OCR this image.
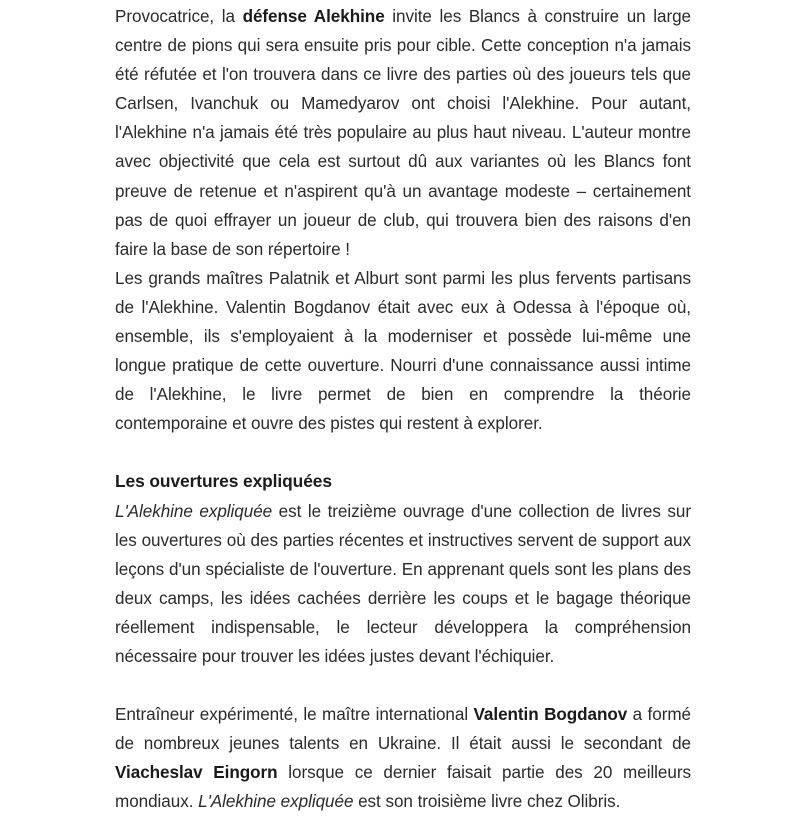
Provocatrice, la défense Alekhine invite les Blancs à construire un large centre de pions qui sera ensuite pris pour cible. Cette conception n'a jamais été réfutée et l'on trouvera dans ce livre des parties où des joueurs tels que Carlsen, Ivanchuk ou Mamedyarov ont choisi l'Alekhine. Pour autant, l'Alekhine n'a jamais été très populaire au plus haut niveau. L'auteur montre avec objectivité que cela est surtout dû aux variantes où les Blancs font preuve de retenue et n'aspirent qu'à un avantage modeste – certainement pas de quoi effrayer un joueur de club, qui trouvera bien des raisons d'en faire la base de son répertoire !

Les grands maîtres Palatnik et Alburt sont parmi les plus fervents partisans de l'Alekhine. Valentin Bogdanov était avec eux à Odessa à l'époque où, ensemble, ils s'employaient à la moderniser et possède lui-même une longue pratique de cette ouverture. Nourri d'une connaissance aussi intime de l'Alekhine, le livre permet de bien en comprendre la théorie contemporaine et ouvre des pistes qui restent à explorer.

Les ouvertures expliquées

L'Alekhine expliquée est le treizième ouvrage d'une collection de livres sur les ouvertures où des parties récentes et instructives servent de support aux leçons d'un spécialiste de l'ouverture. En apprenant quels sont les plans des deux camps, les idées cachées derrière les coups et le bagage théorique réellement indispensable, le lecteur développera la compréhension nécessaire pour trouver les idées justes devant l'échiquier.

Entraîneur expérimenté, le maître international Valentin Bogdanov a formé de nombreux jeunes talents en Ukraine. Il était aussi le secondant de Viacheslav Eingorn lorsque ce dernier faisait partie des 20 meilleurs mondiaux. L'Alekhine expliquée est son troisième livre chez Olibris.
